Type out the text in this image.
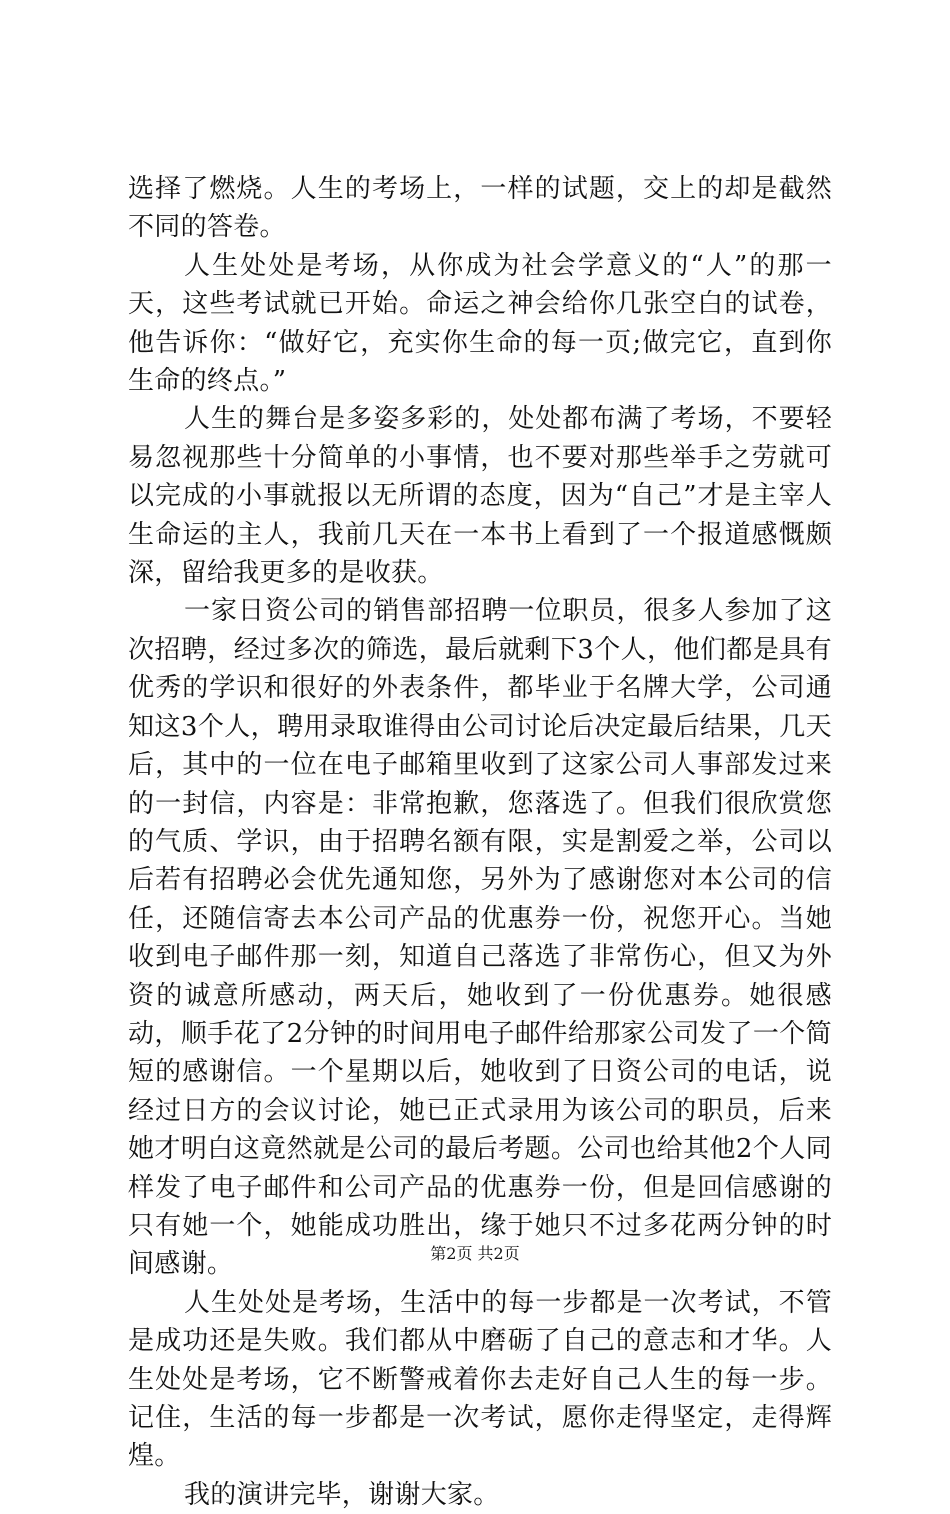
选择了燃烧。人生的考场上，一样的试题，交上的却是截然不同的答卷。

人生处处是考场，从你成为社会学意义的“人”的那一天，这些考试就已开始。命运之神会给你几张空白的试卷，他告诉你：“做好它，充实你生命的每一页;做完它，直到你生命的终点。”

人生的舞台是多姿多彩的，处处都布满了考场，不要轻易忽视那些十分简单的小事情，也不要对那些举手之劳就可以完成的小事就报以无所谓的态度，因为“自己”才是主宰人生命运的主人，我前几天在一本书上看到了一个报道感慨颇深，留给我更多的是收获。

一家日资公司的销售部招聘一位职员，很多人参加了这次招聘，经过多次的筛选，最后就剩下3个人，他们都是具有优秀的学识和很好的外表条件，都毕业于名牌大学，公司通知这3个人，聘用录取谁得由公司讨论后决定最后结果，几天后，其中的一位在电子邮箱里收到了这家公司人事部发过来的一封信，内容是：非常抱歉，您落选了。但我们很欣赏您的气质、学识，由于招聘名额有限，实是割爱之举，公司以后若有招聘必会优先通知您，另外为了感谢您对本公司的信任，还随信寄去本公司产品的优惠券一份，祝您开心。当她收到电子邮件那一刻，知道自己落选了非常伤心，但又为外资的诚意所感动，两天后，她收到了一份优惠券。她很感动，顺手花了2分钟的时间用电子邮件给那家公司发了一个简短的感谢信。一个星期以后，她收到了日资公司的电话，说经过日方的会议讨论，她已正式录用为该公司的职员，后来她才明白这竟然就是公司的最后考题。公司也给其他2个人同样发了电子邮件和公司产品的优惠券一份，但是回信感谢的只有她一个，她能成功胜出，缘于她只不过多花两分钟的时间感谢。

人生处处是考场，生活中的每一步都是一次考试，不管是成功还是失败。我们都从中磨砺了自己的意志和才华。人生处处是考场，它不断警戒着你去走好自己人生的每一步。记住，生活的每一步都是一次考试，愿你走得坚定，走得辉煌。

我的演讲完毕，谢谢大家。

第2页 共2页
